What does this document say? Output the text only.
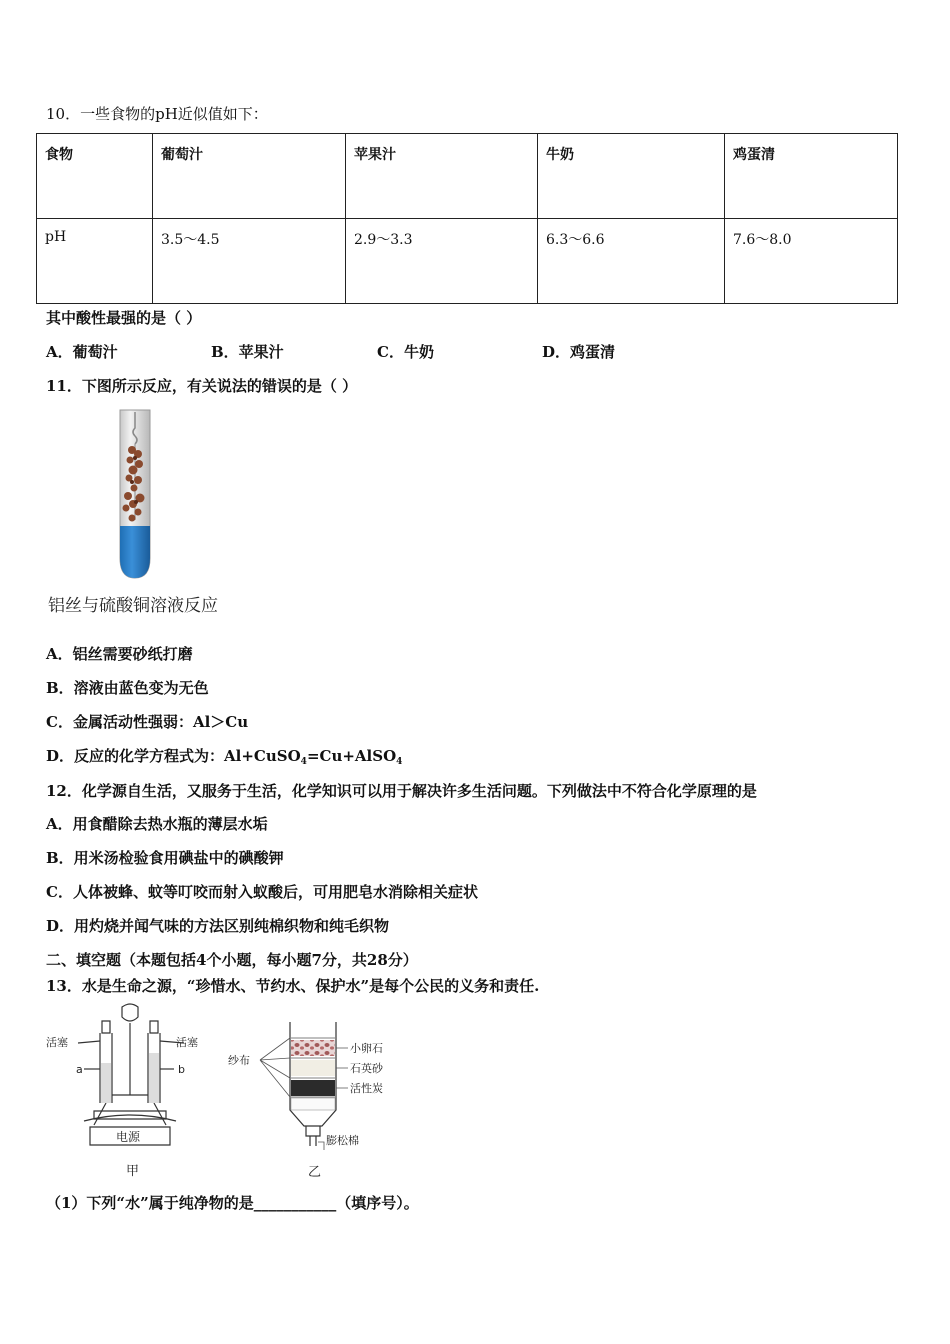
10．一些食物的pH近似值如下：
食物	葡萄汁	苹果汁	牛奶	鸡蛋清
pH	3.5～4.5	2.9～3.3	6.3～6.6	7.6～8.0
其中酸性最强的是（ ）
A．葡萄汁	B．苹果汁	C．牛奶	D．鸡蛋清
11．下图所示反应，有关说法的错误的是（ ）
铝丝与硫酸铜溶液反应
A．铝丝需要砂纸打磨
B．溶液由蓝色变为无色
C．金属活动性强弱：Al＞Cu
D．反应的化学方程式为：Al+CuSO$_4$=Cu+AlSO$_4$
12．化学源自生活，又服务于生活，化学知识可以用于解决许多生活问题。下列做法中不符合化学原理的是
A．用食醋除去热水瓶的薄层水垢
B．用米汤检验食用碘盐中的碘酸钾
C．人体被蜂、蚊等叮咬而射入蚁酸后，可用肥皂水消除相关症状
D．用灼烧并闻气味的方法区别纯棉织物和纯毛织物
二、填空题（本题包括4个小题，每小题7分，共28分）
13．水是生命之源，“珍惜水、节约水、保护水”是每个公民的义务和责任.
活塞	活塞
a	b
电源
甲
纱布
小卵石
石英砂
活性炭
膨松棉
乙
（1）下列“水”属于纯净物的是___________（填序号）。
